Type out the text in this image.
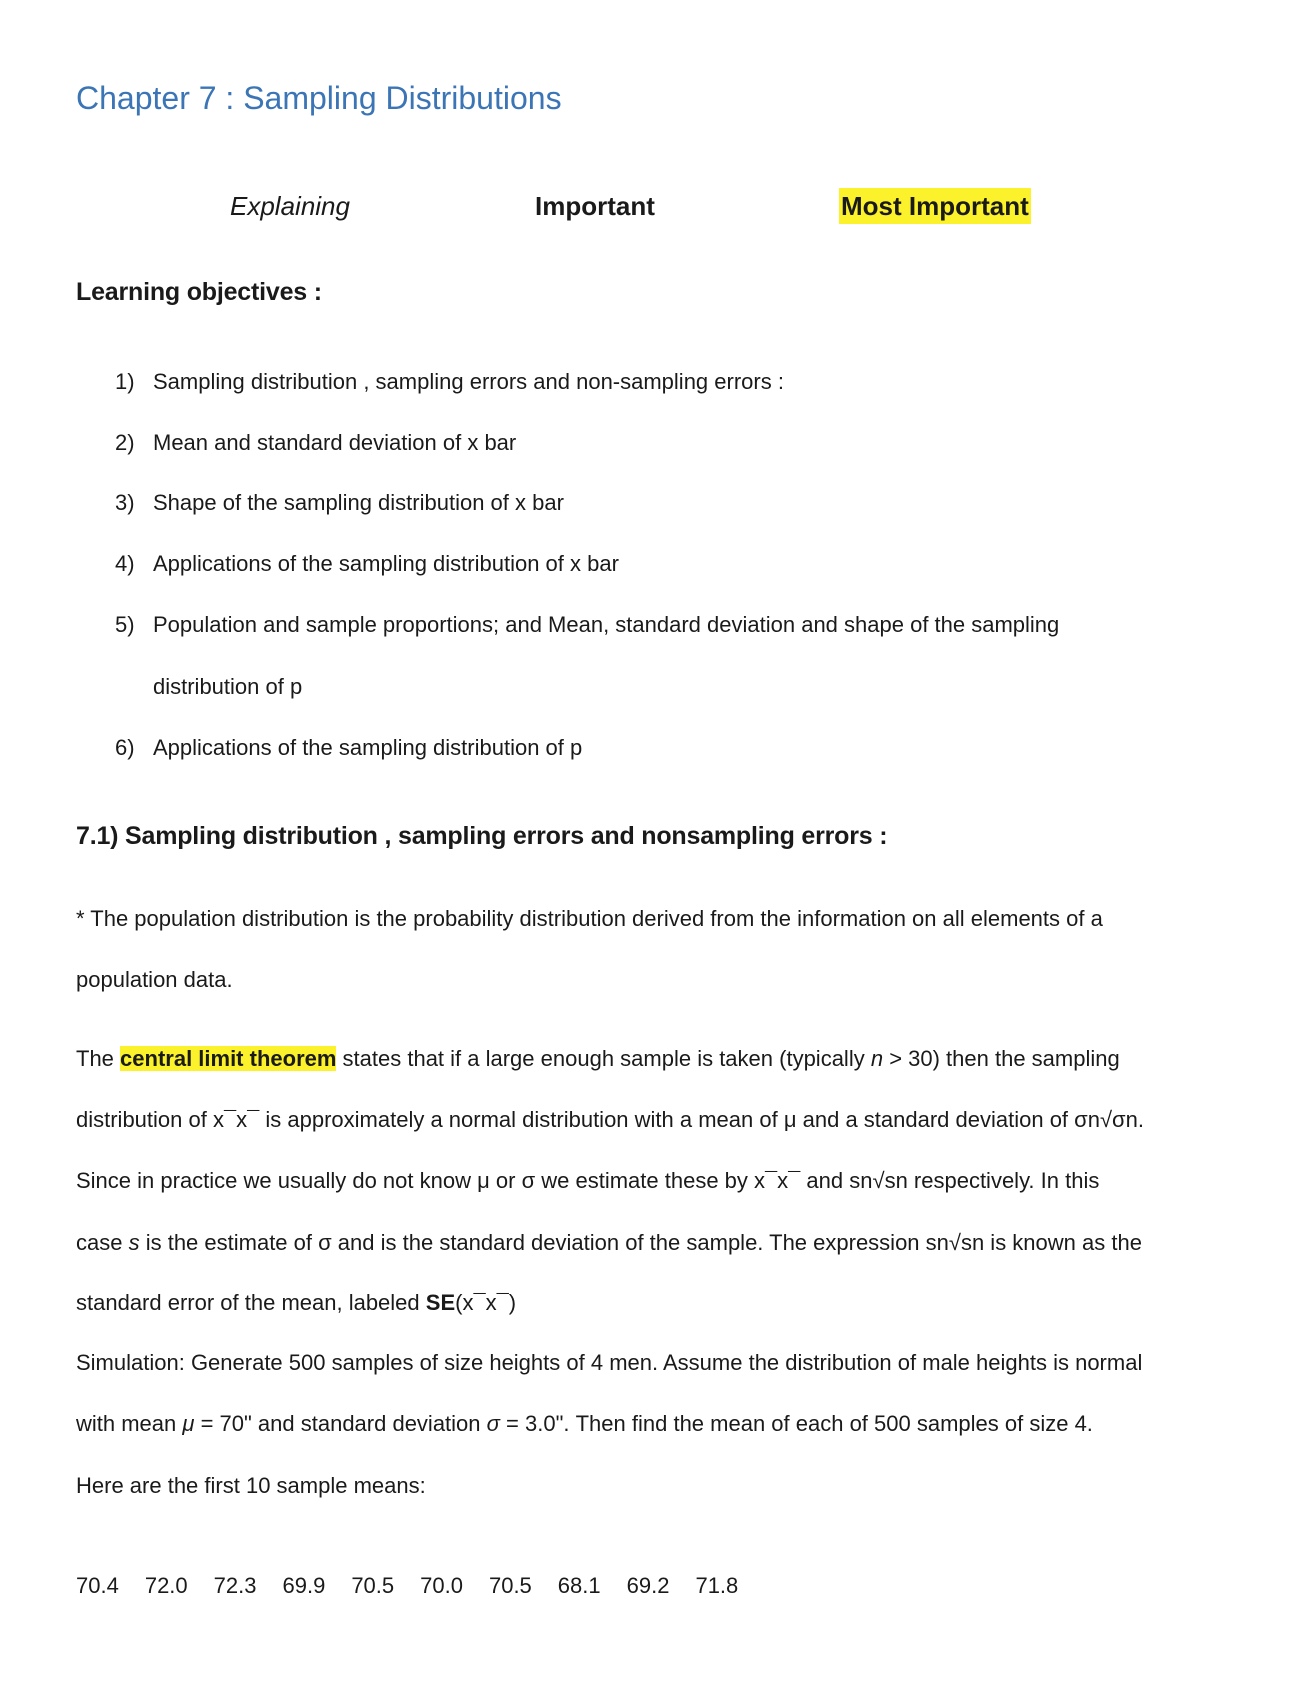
Chapter 7 : Sampling Distributions
Explaining	Important	Most Important
Learning objectives :
1) Sampling distribution , sampling errors and non-sampling errors :
2) Mean and standard deviation of x bar
3) Shape of the sampling distribution of x bar
4) Applications of the sampling distribution of x bar
5) Population and sample proportions; and Mean, standard deviation and shape of the sampling
distribution of p
6) Applications of the sampling distribution of p
7.1) Sampling distribution , sampling errors and nonsampling errors :
* The population distribution is the probability distribution derived from the information on all elements of a
population data.
The central limit theorem states that if a large enough sample is taken (typically n > 30) then the sampling
distribution of x¯x¯ is approximately a normal distribution with a mean of μ and a standard deviation of σn√σn.
Since in practice we usually do not know μ or σ we estimate these by x¯x¯ and sn√sn respectively. In this
case s is the estimate of σ and is the standard deviation of the sample. The expression sn√sn is known as the
standard error of the mean, labeled SE(x¯x¯)
Simulation: Generate 500 samples of size heights of 4 men. Assume the distribution of male heights is normal
with mean μ = 70" and standard deviation σ = 3.0". Then find the mean of each of 500 samples of size 4.
Here are the first 10 sample means:
70.4 72.0 72.3 69.9 70.5 70.0 70.5 68.1 69.2 71.8
